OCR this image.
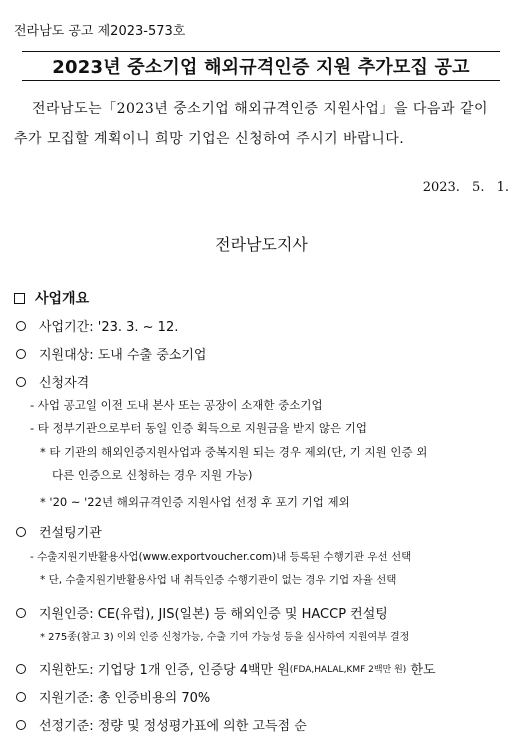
전라남도 공고 제2023-573호
2023년 중소기업 해외규격인증 지원 추가모집 공고
전라남도는「2023년 중소기업 해외규격인증 지원사업」을 다음과 같이
추가 모집할 계획이니 희망 기업은 신청하여 주시기 바랍니다.
2023. 5. 1.
전라남도지사
사업개요
사업기간: '23. 3. ~ 12.
지원대상: 도내 수출 중소기업
신청자격
- 사업 공고일 이전 도내 본사 또는 공장이 소재한 중소기업
- 타 정부기관으로부터 동일 인증 획득으로 지원금을 받지 않은 기업
* 타 기관의 해외인증지원사업과 중복지원 되는 경우 제외(단, 기 지원 인증 외
다른 인증으로 신청하는 경우 지원 가능)
* '20 ~ '22년 해외규격인증 지원사업 선정 후 포기 기업 제외
컨설팅기관
- 수출지원기반활용사업(www.exportvoucher.com)내 등록된 수행기관 우선 선택
* 단, 수출지원기반활용사업 내 취득인증 수행기관이 없는 경우 기업 자율 선택
지원인증: CE(유럽), JIS(일본) 등 해외인증 및 HACCP 컨설팅
* 275종(참고 3) 이외 인증 신청가능, 수출 기여 가능성 등을 심사하여 지원여부 결정
지원한도: 기업당 1개 인증, 인증당 4백만 원 (FDA,HALAL,KMF 2백만 원) 한도
지원기준: 총 인증비용의 70%
선정기준: 정량 및 정성평가표에 의한 고득점 순
